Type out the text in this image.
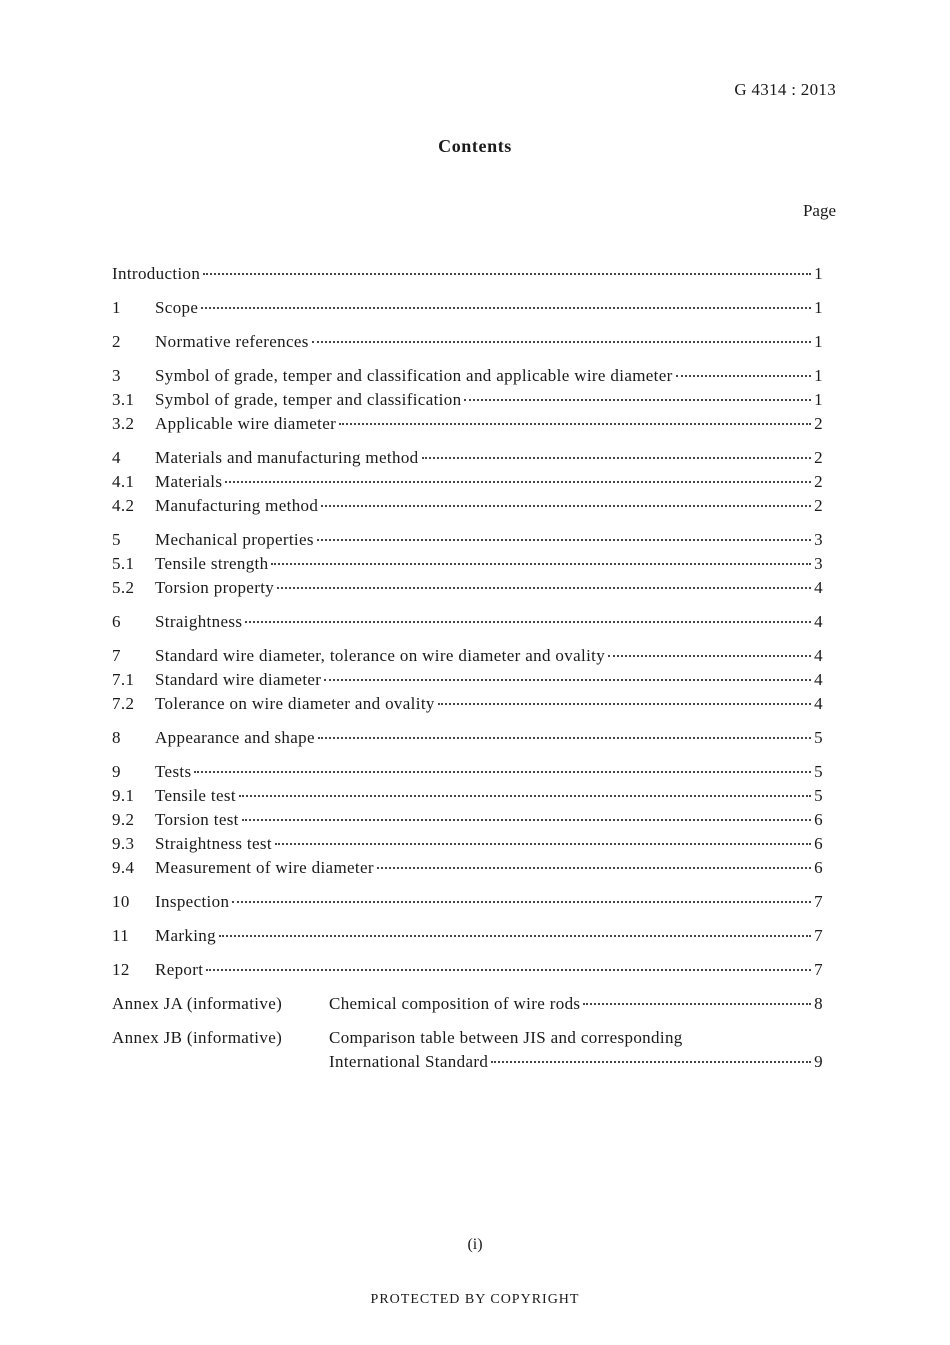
G 4314 : 2013
Contents
Page
Introduction	1
1	Scope	1
2	Normative references	1
3	Symbol of grade, temper and classification and applicable wire diameter	1
3.1	Symbol of grade, temper and classification	1
3.2	Applicable wire diameter	2
4	Materials and manufacturing method	2
4.1	Materials	2
4.2	Manufacturing method	2
5	Mechanical properties	3
5.1	Tensile strength	3
5.2	Torsion property	4
6	Straightness	4
7	Standard wire diameter, tolerance on wire diameter and ovality	4
7.1	Standard wire diameter	4
7.2	Tolerance on wire diameter and ovality	4
8	Appearance and shape	5
9	Tests	5
9.1	Tensile test	5
9.2	Torsion test	6
9.3	Straightness test	6
9.4	Measurement of wire diameter	6
10	Inspection	7
11	Marking	7
12	Report	7
Annex JA (informative)	Chemical composition of wire rods	8
Annex JB (informative)	Comparison table between JIS and corresponding
International Standard	9
(i)
PROTECTED BY COPYRIGHT
